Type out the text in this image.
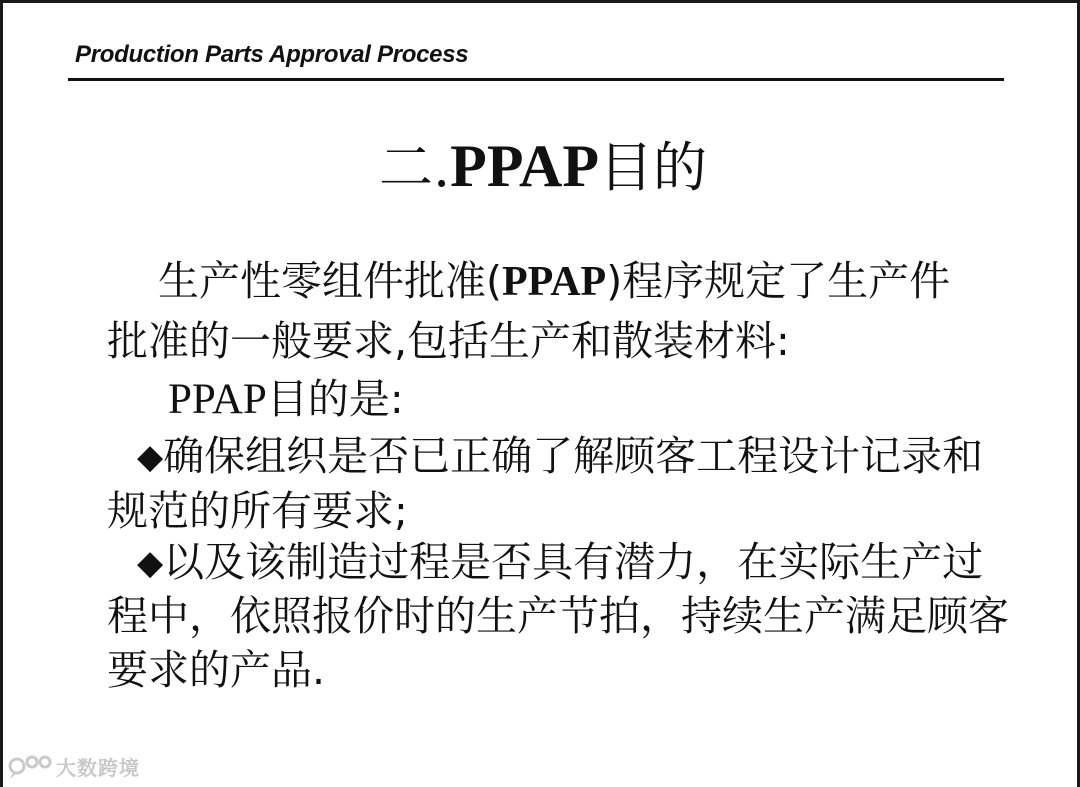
Production Parts Approval Process
二.PPAP目的
生产性零组件批准(PPAP)程序规定了生产件
批准的一般要求,包括生产和散装材料:
PPAP目的是:
◆确保组织是否已正确了解顾客工程设计记录和
规范的所有要求;
◆以及该制造过程是否具有潜力，在实际生产过
程中，依照报价时的生产节拍，持续生产满足顾客
要求的产品.
大数跨境
